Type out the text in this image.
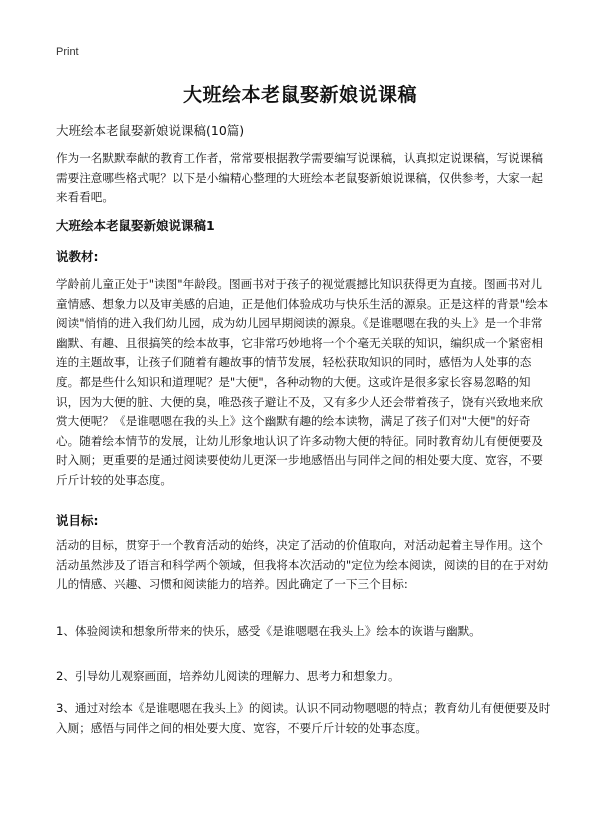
Print
大班绘本老鼠娶新娘说课稿
大班绘本老鼠娶新娘说课稿(10篇)
作为一名默默奉献的教育工作者，常常要根据教学需要编写说课稿，认真拟定说课稿，写说课稿需要注意哪些格式呢？以下是小编精心整理的大班绘本老鼠娶新娘说课稿，仅供参考，大家一起来看看吧。
大班绘本老鼠娶新娘说课稿1
说教材:
学龄前儿童正处于"读图"年龄段。图画书对于孩子的视觉震撼比知识获得更为直接。图画书对儿童情感、想象力以及审美感的启迪，正是他们体验成功与快乐生活的源泉。正是这样的背景"绘本阅读"悄悄的进入我们幼儿园，成为幼儿园早期阅读的源泉。《是谁嗯嗯在我的头上》是一个非常幽默、有趣、且很搞笑的绘本故事，它非常巧妙地将一个个毫无关联的知识，编织成一个紧密相连的主题故事，让孩子们随着有趣故事的情节发展，轻松获取知识的同时，感悟为人处事的态度。都是些什么知识和道理呢？是"大便"，各种动物的大便。这或许是很多家长容易忽略的知识，因为大便的脏、大便的臭，唯恐孩子避让不及，又有多少人还会带着孩子，饶有兴致地来欣赏大便呢？《是谁嗯嗯在我的头上》这个幽默有趣的绘本读物，满足了孩子们对"大便"的好奇心。随着绘本情节的发展，让幼儿形象地认识了许多动物大便的特征。同时教育幼儿有便便要及时入厕；更重要的是通过阅读要使幼儿更深一步地感悟出与同伴之间的相处要大度、宽容，不要斤斤计较的处事态度。
说目标:
活动的目标，贯穿于一个教育活动的始终，决定了活动的价值取向，对活动起着主导作用。这个活动虽然涉及了语言和科学两个领域，但我将本次活动的"定位为绘本阅读，阅读的目的在于对幼儿的情感、兴趣、习惯和阅读能力的培养。因此确定了一下三个目标:
1、体验阅读和想象所带来的快乐，感受《是谁嗯嗯在我头上》绘本的诙谐与幽默。
2、引导幼儿观察画面，培养幼儿阅读的理解力、思考力和想象力。
3、通过对绘本《是谁嗯嗯在我头上》的阅读。认识不同动物嗯嗯的特点；教育幼儿有便便要及时入厕；感悟与同伴之间的相处要大度、宽容，不要斤斤计较的处事态度。
